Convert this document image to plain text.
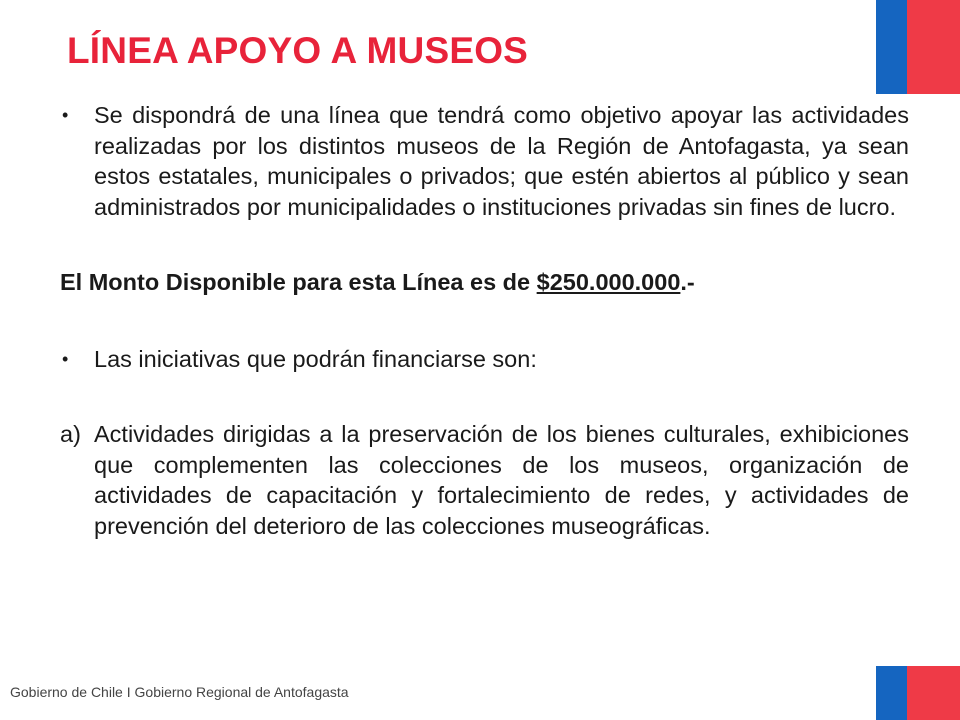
LÍNEA APOYO A MUSEOS
•	Se dispondrá de una línea que tendrá como objetivo apoyar las actividades realizadas por los distintos museos de la Región de Antofagasta, ya sean estos estatales, municipales o privados; que estén abiertos al público y sean administrados por municipalidades o instituciones privadas sin fines de lucro.
El Monto Disponible para esta Línea es de $250.000.000.-
•	Las iniciativas que podrán financiarse son:
a) Actividades dirigidas a la preservación de los bienes culturales, exhibiciones que complementen las colecciones de los museos, organización de actividades de capacitación y fortalecimiento de redes, y actividades de prevención del deterioro de las colecciones museográficas.
Gobierno de Chile I Gobierno Regional de Antofagasta
